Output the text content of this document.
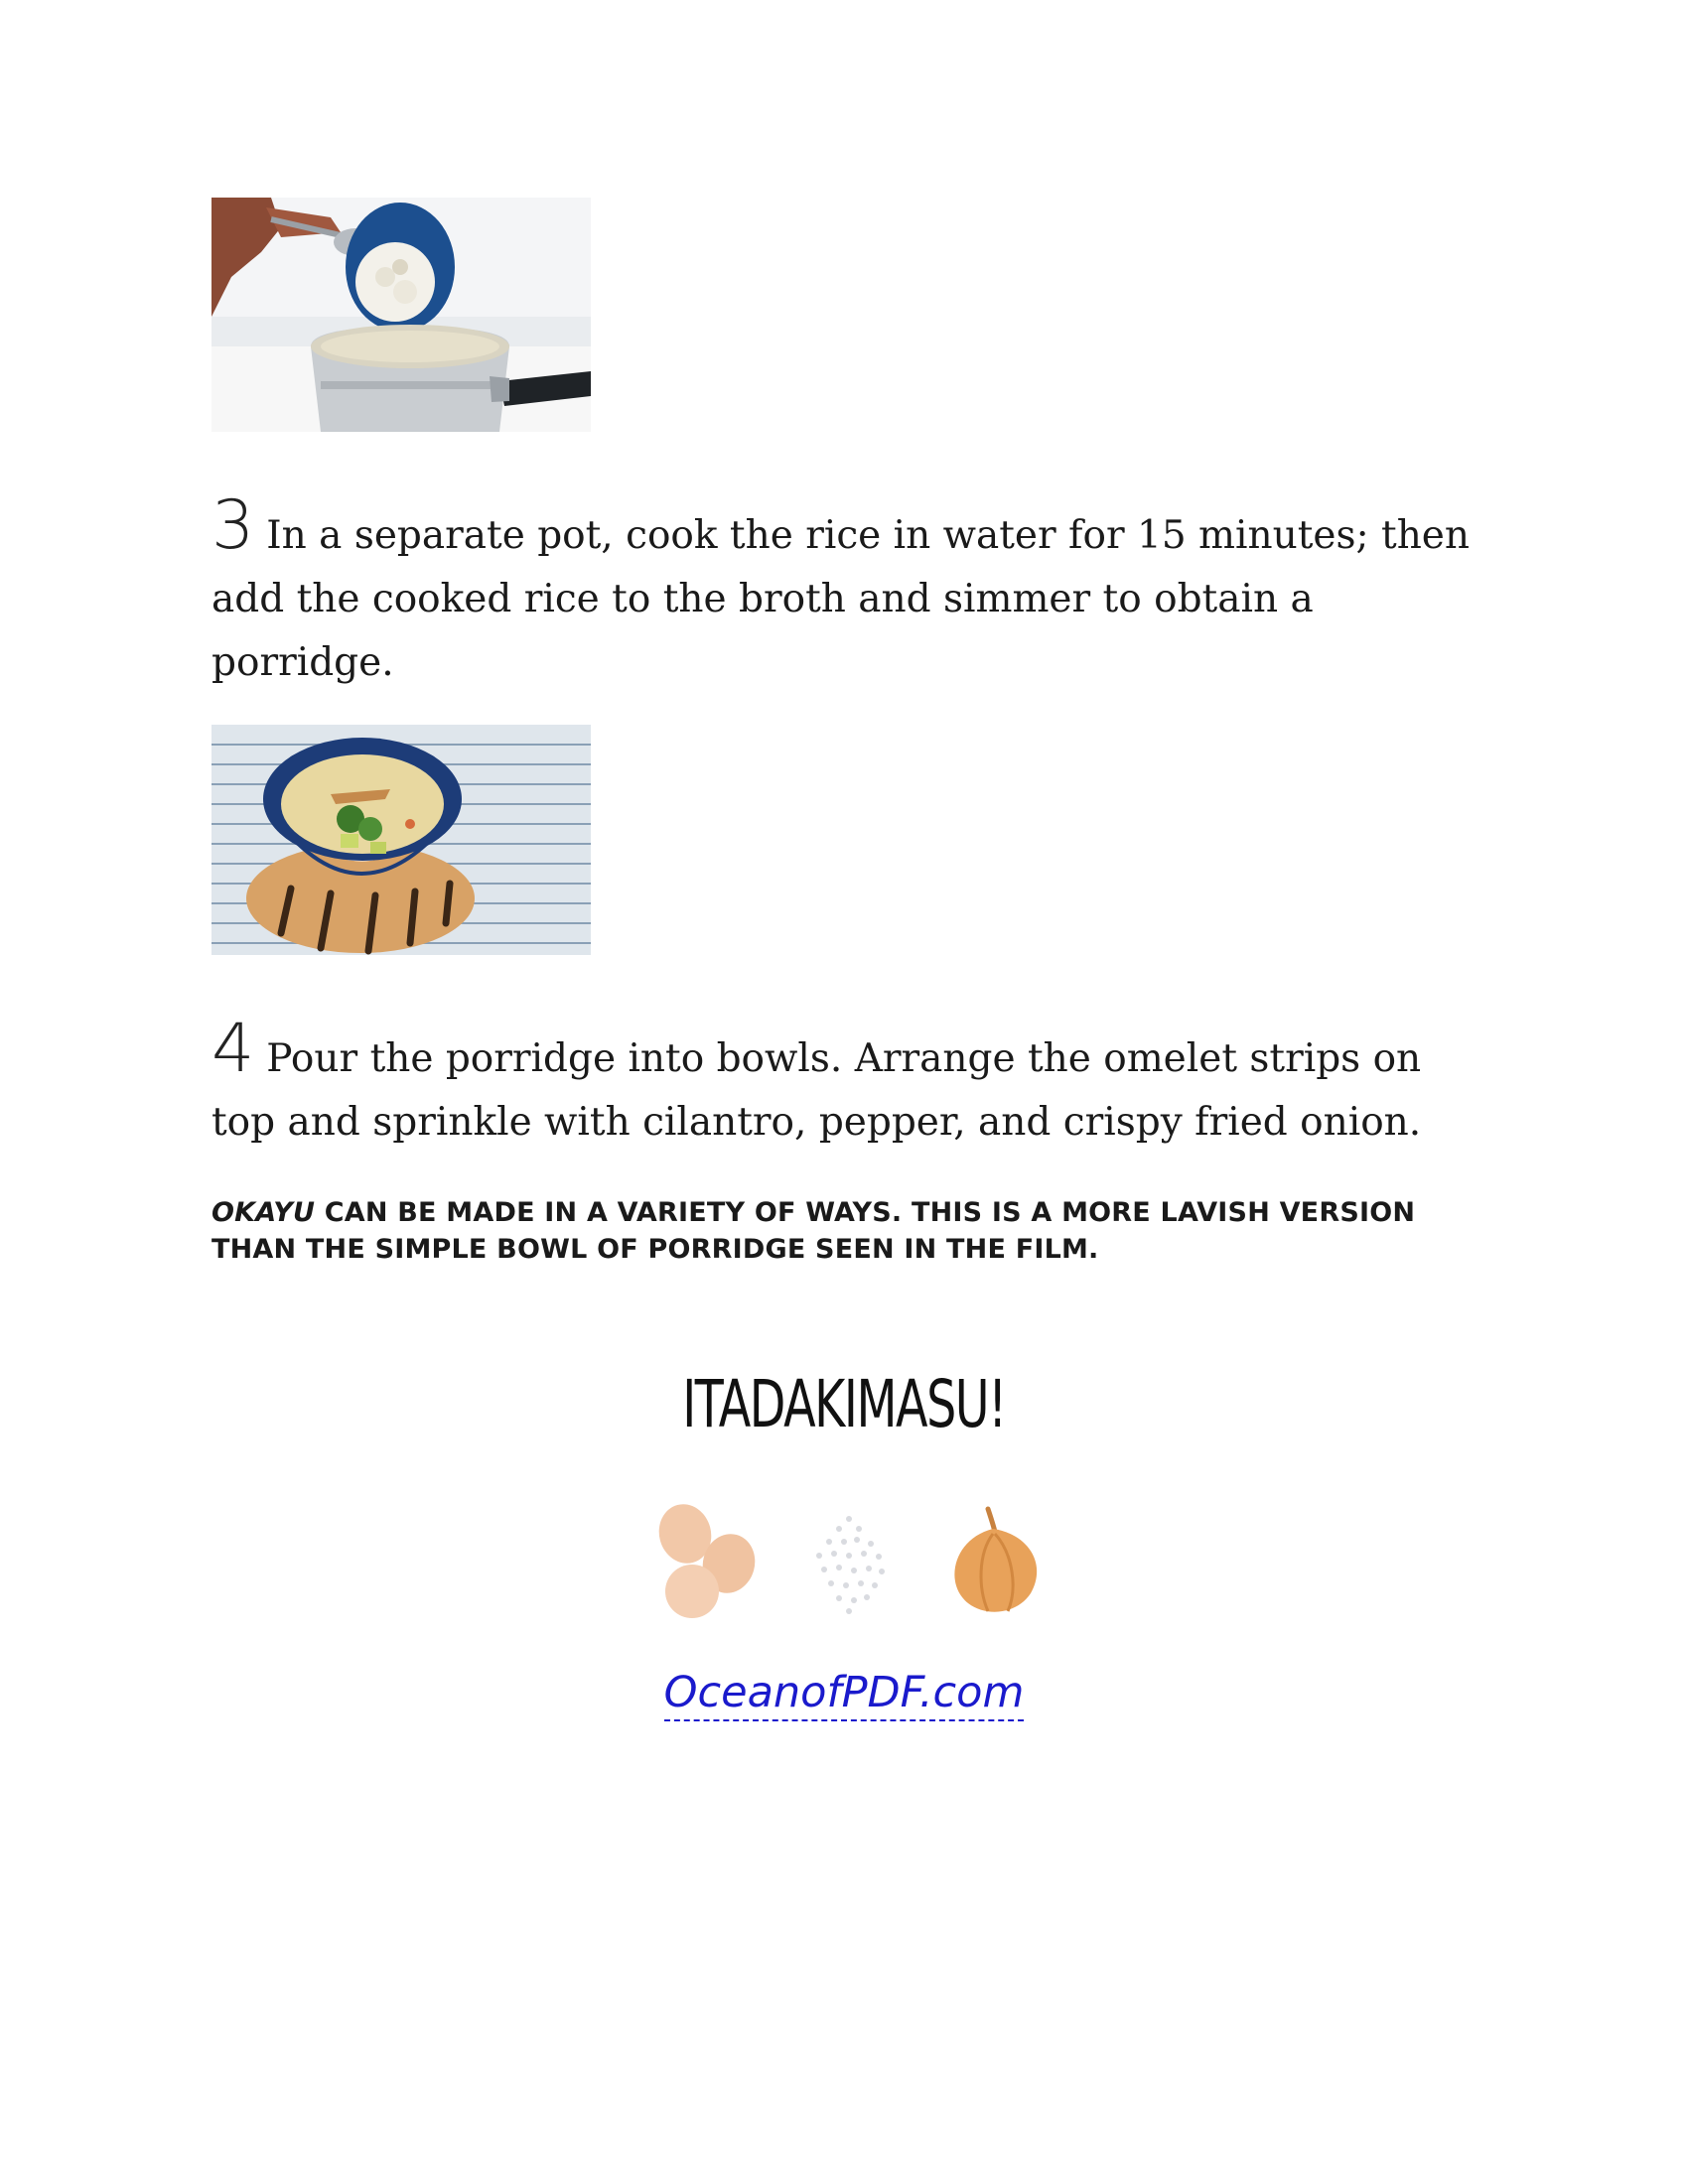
3 In a separate pot, cook the rice in water for 15 minutes; then add the cooked rice to the broth and simmer to obtain a porridge.
4 Pour the porridge into bowls. Arrange the omelet strips on top and sprinkle with cilantro, pepper, and crispy fried onion.
OKAYU CAN BE MADE IN A VARIETY OF WAYS. THIS IS A MORE LAVISH VERSION THAN THE SIMPLE BOWL OF PORRIDGE SEEN IN THE FILM.
ITADAKIMASU!
OceanofPDF.com
